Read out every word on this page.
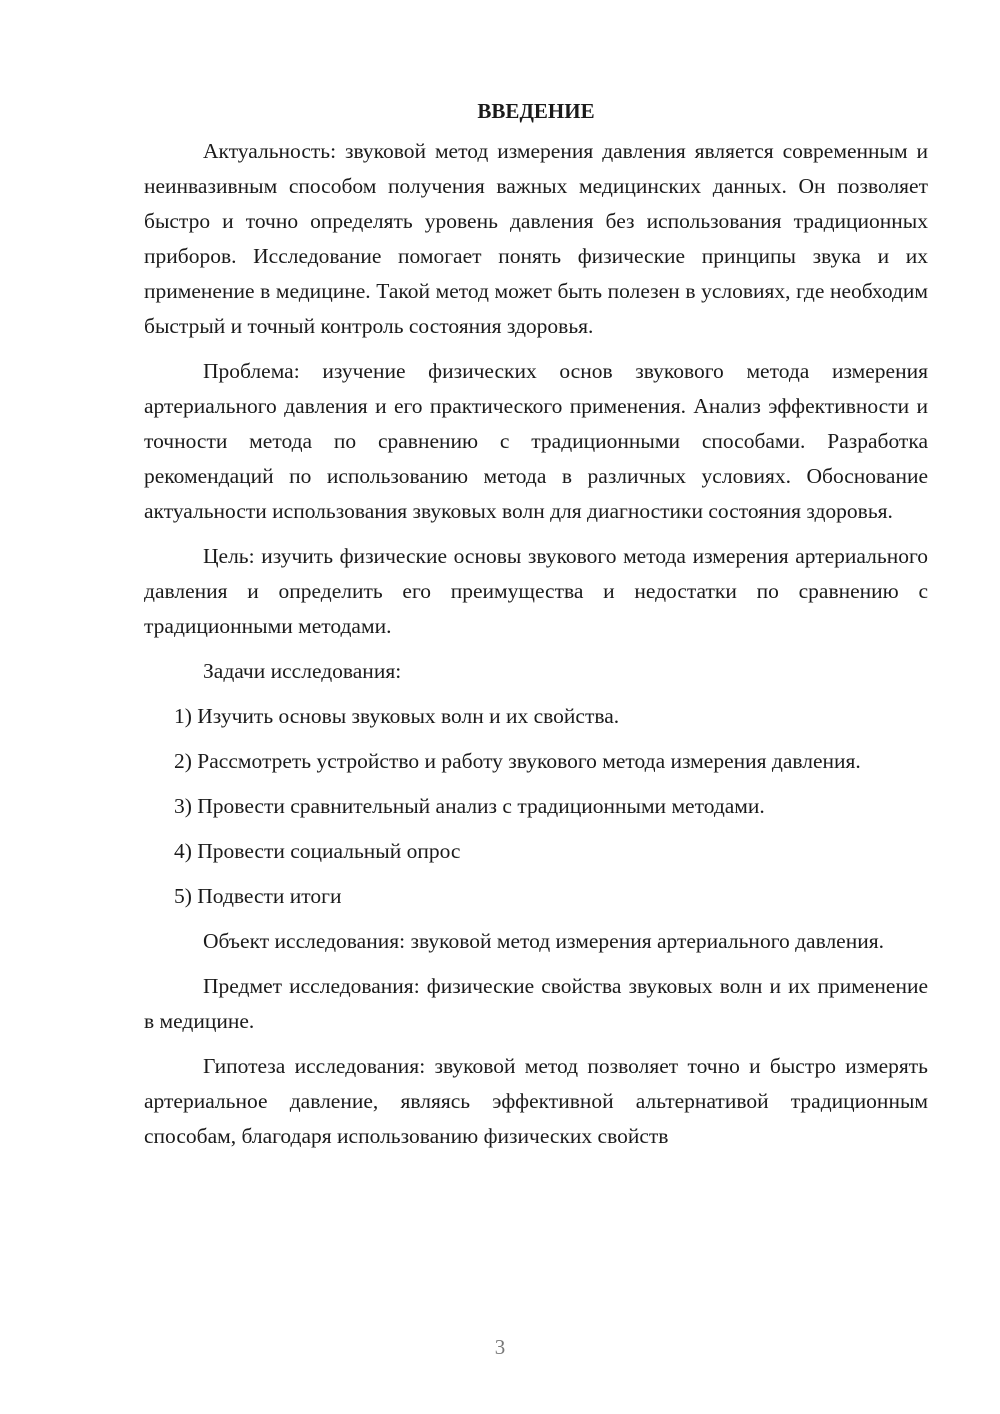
ВВЕДЕНИЕ

Актуальность: звуковой метод измерения давления является современным и неинвазивным способом получения важных медицинских данных. Он позволяет быстро и точно определять уровень давления без использования традиционных приборов. Исследование помогает понять физические принципы звука и их применение в медицине. Такой метод может быть полезен в условиях, где необходим быстрый и точный контроль состояния здоровья.

Проблема: изучение физических основ звукового метода измерения артериального давления и его практического применения. Анализ эффективности и точности метода по сравнению с традиционными способами. Разработка рекомендаций по использованию метода в различных условиях. Обоснование актуальности использования звуковых волн для диагностики состояния здоровья.

Цель: изучить физические основы звукового метода измерения артериального давления и определить его преимущества и недостатки по сравнению с традиционными методами.

Задачи исследования:

1) Изучить основы звуковых волн и их свойства.

2) Рассмотреть устройство и работу звукового метода измерения давления.

3) Провести сравнительный анализ с традиционными методами.

4) Провести социальный опрос

5) Подвести итоги

Объект исследования: звуковой метод измерения артериального давления.

Предмет исследования: физические свойства звуковых волн и их применение в медицине.

Гипотеза исследования: звуковой метод позволяет точно и быстро измерять артериальное давление, являясь эффективной альтернативой традиционным способам, благодаря использованию физических свойств

3
